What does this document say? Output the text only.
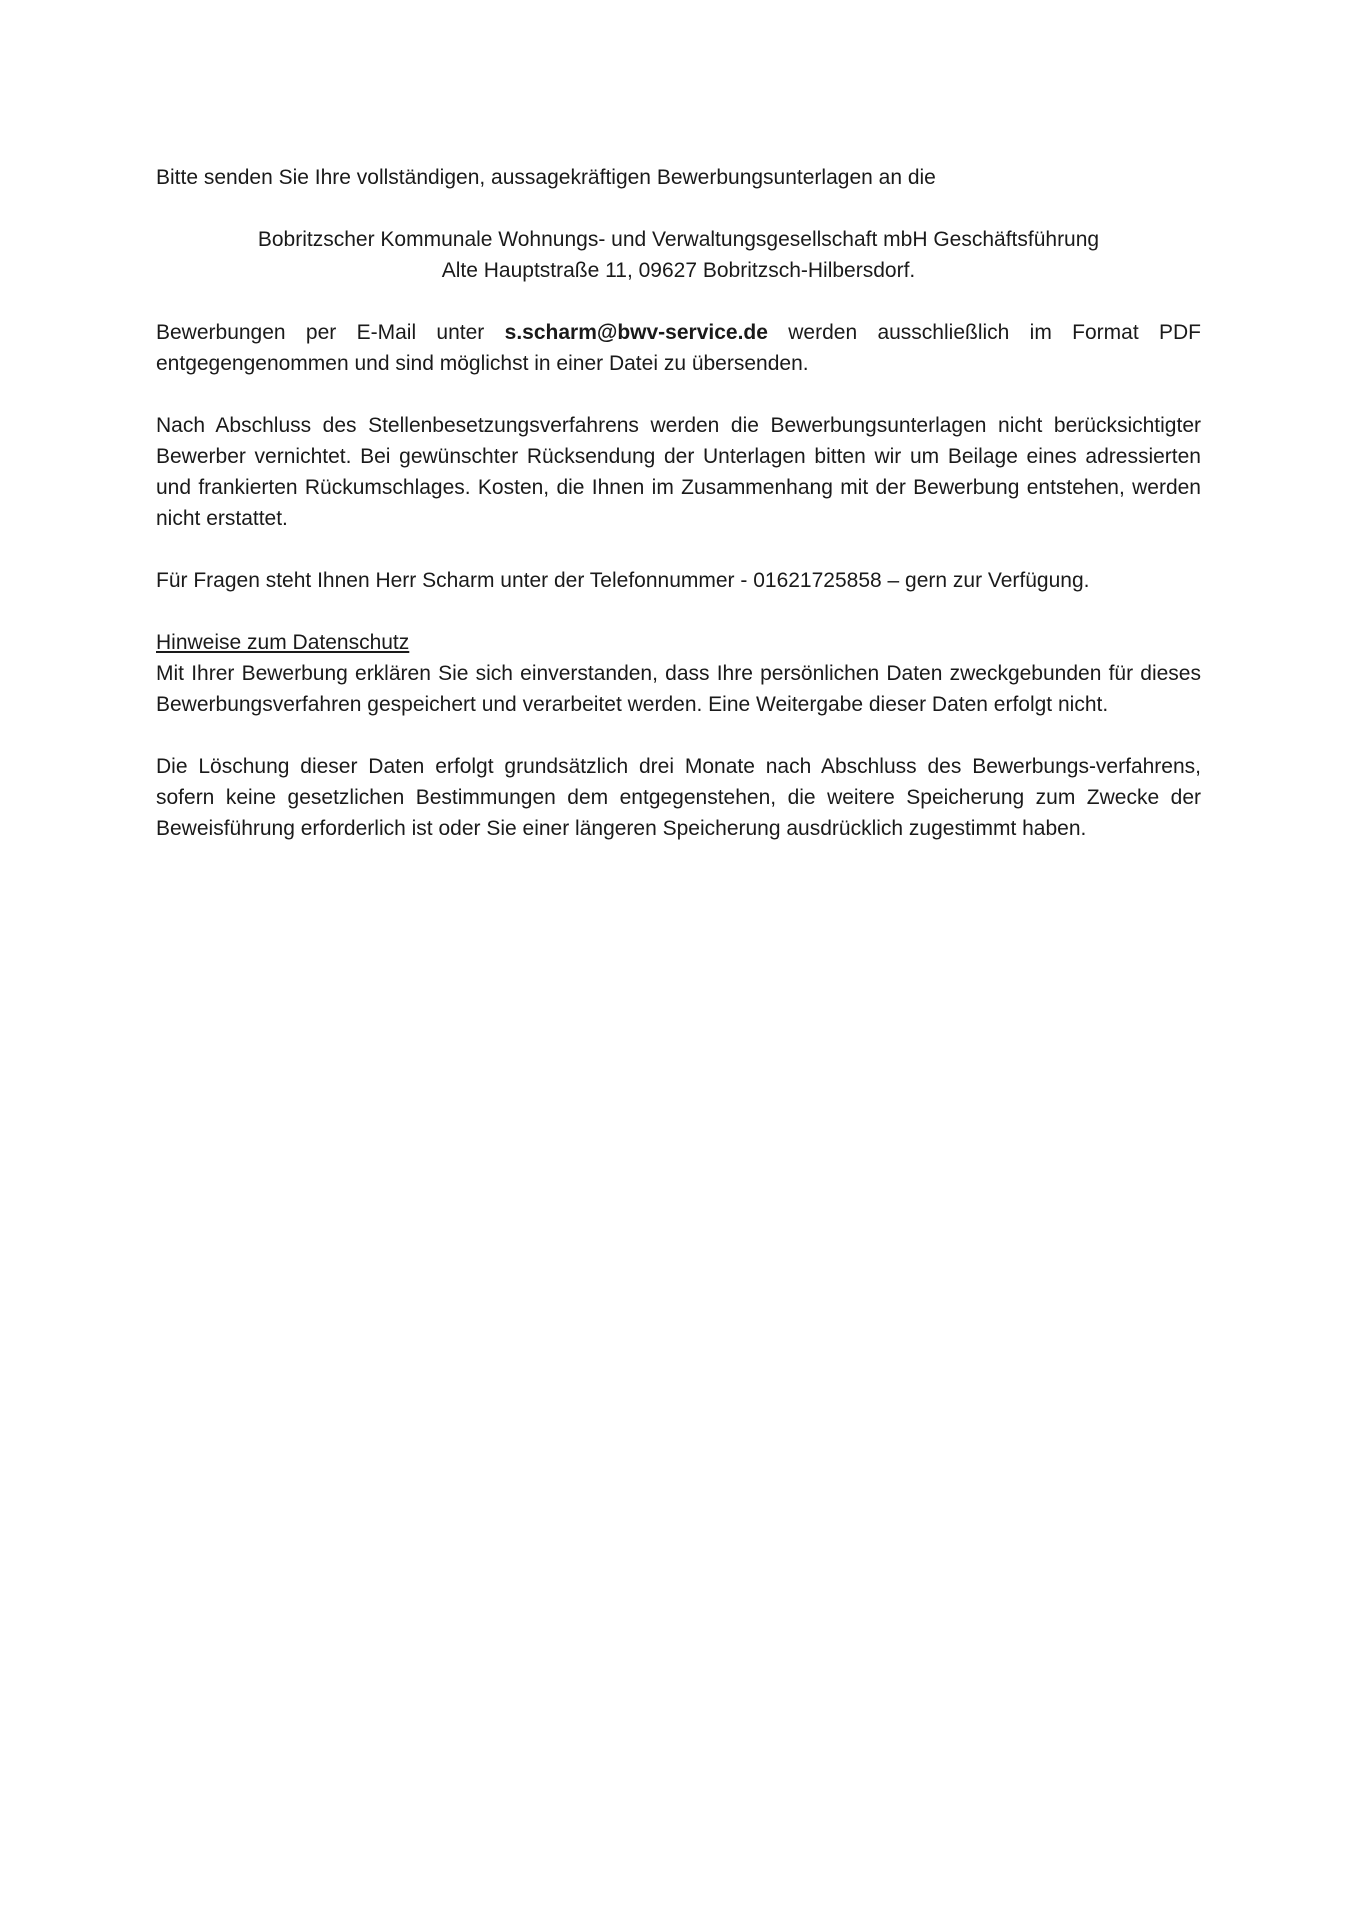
Bitte senden Sie Ihre vollständigen, aussagekräftigen Bewerbungsunterlagen an die

Bobritzscher Kommunale Wohnungs- und Verwaltungsgesellschaft mbH Geschäftsführung
Alte Hauptstraße 11, 09627 Bobritzsch-Hilbersdorf.

Bewerbungen per E-Mail unter s.scharm@bwv-service.de werden ausschließlich im Format PDF entgegengenommen und sind möglichst in einer Datei zu übersenden.

Nach Abschluss des Stellenbesetzungsverfahrens werden die Bewerbungsunterlagen nicht berücksichtigter Bewerber vernichtet. Bei gewünschter Rücksendung der Unterlagen bitten wir um Beilage eines adressierten und frankierten Rückumschlages. Kosten, die Ihnen im Zusammenhang mit der Bewerbung entstehen, werden nicht erstattet.

Für Fragen steht Ihnen Herr Scharm unter der Telefonnummer - 01621725858 – gern zur Verfügung.

Hinweise zum Datenschutz
Mit Ihrer Bewerbung erklären Sie sich einverstanden, dass Ihre persönlichen Daten zweckgebunden für dieses Bewerbungsverfahren gespeichert und verarbeitet werden. Eine Weitergabe dieser Daten erfolgt nicht.

Die Löschung dieser Daten erfolgt grundsätzlich drei Monate nach Abschluss des Bewerbungs-verfahrens, sofern keine gesetzlichen Bestimmungen dem entgegenstehen, die weitere Speicherung zum Zwecke der Beweisführung erforderlich ist oder Sie einer längeren Speicherung ausdrücklich zugestimmt haben.
